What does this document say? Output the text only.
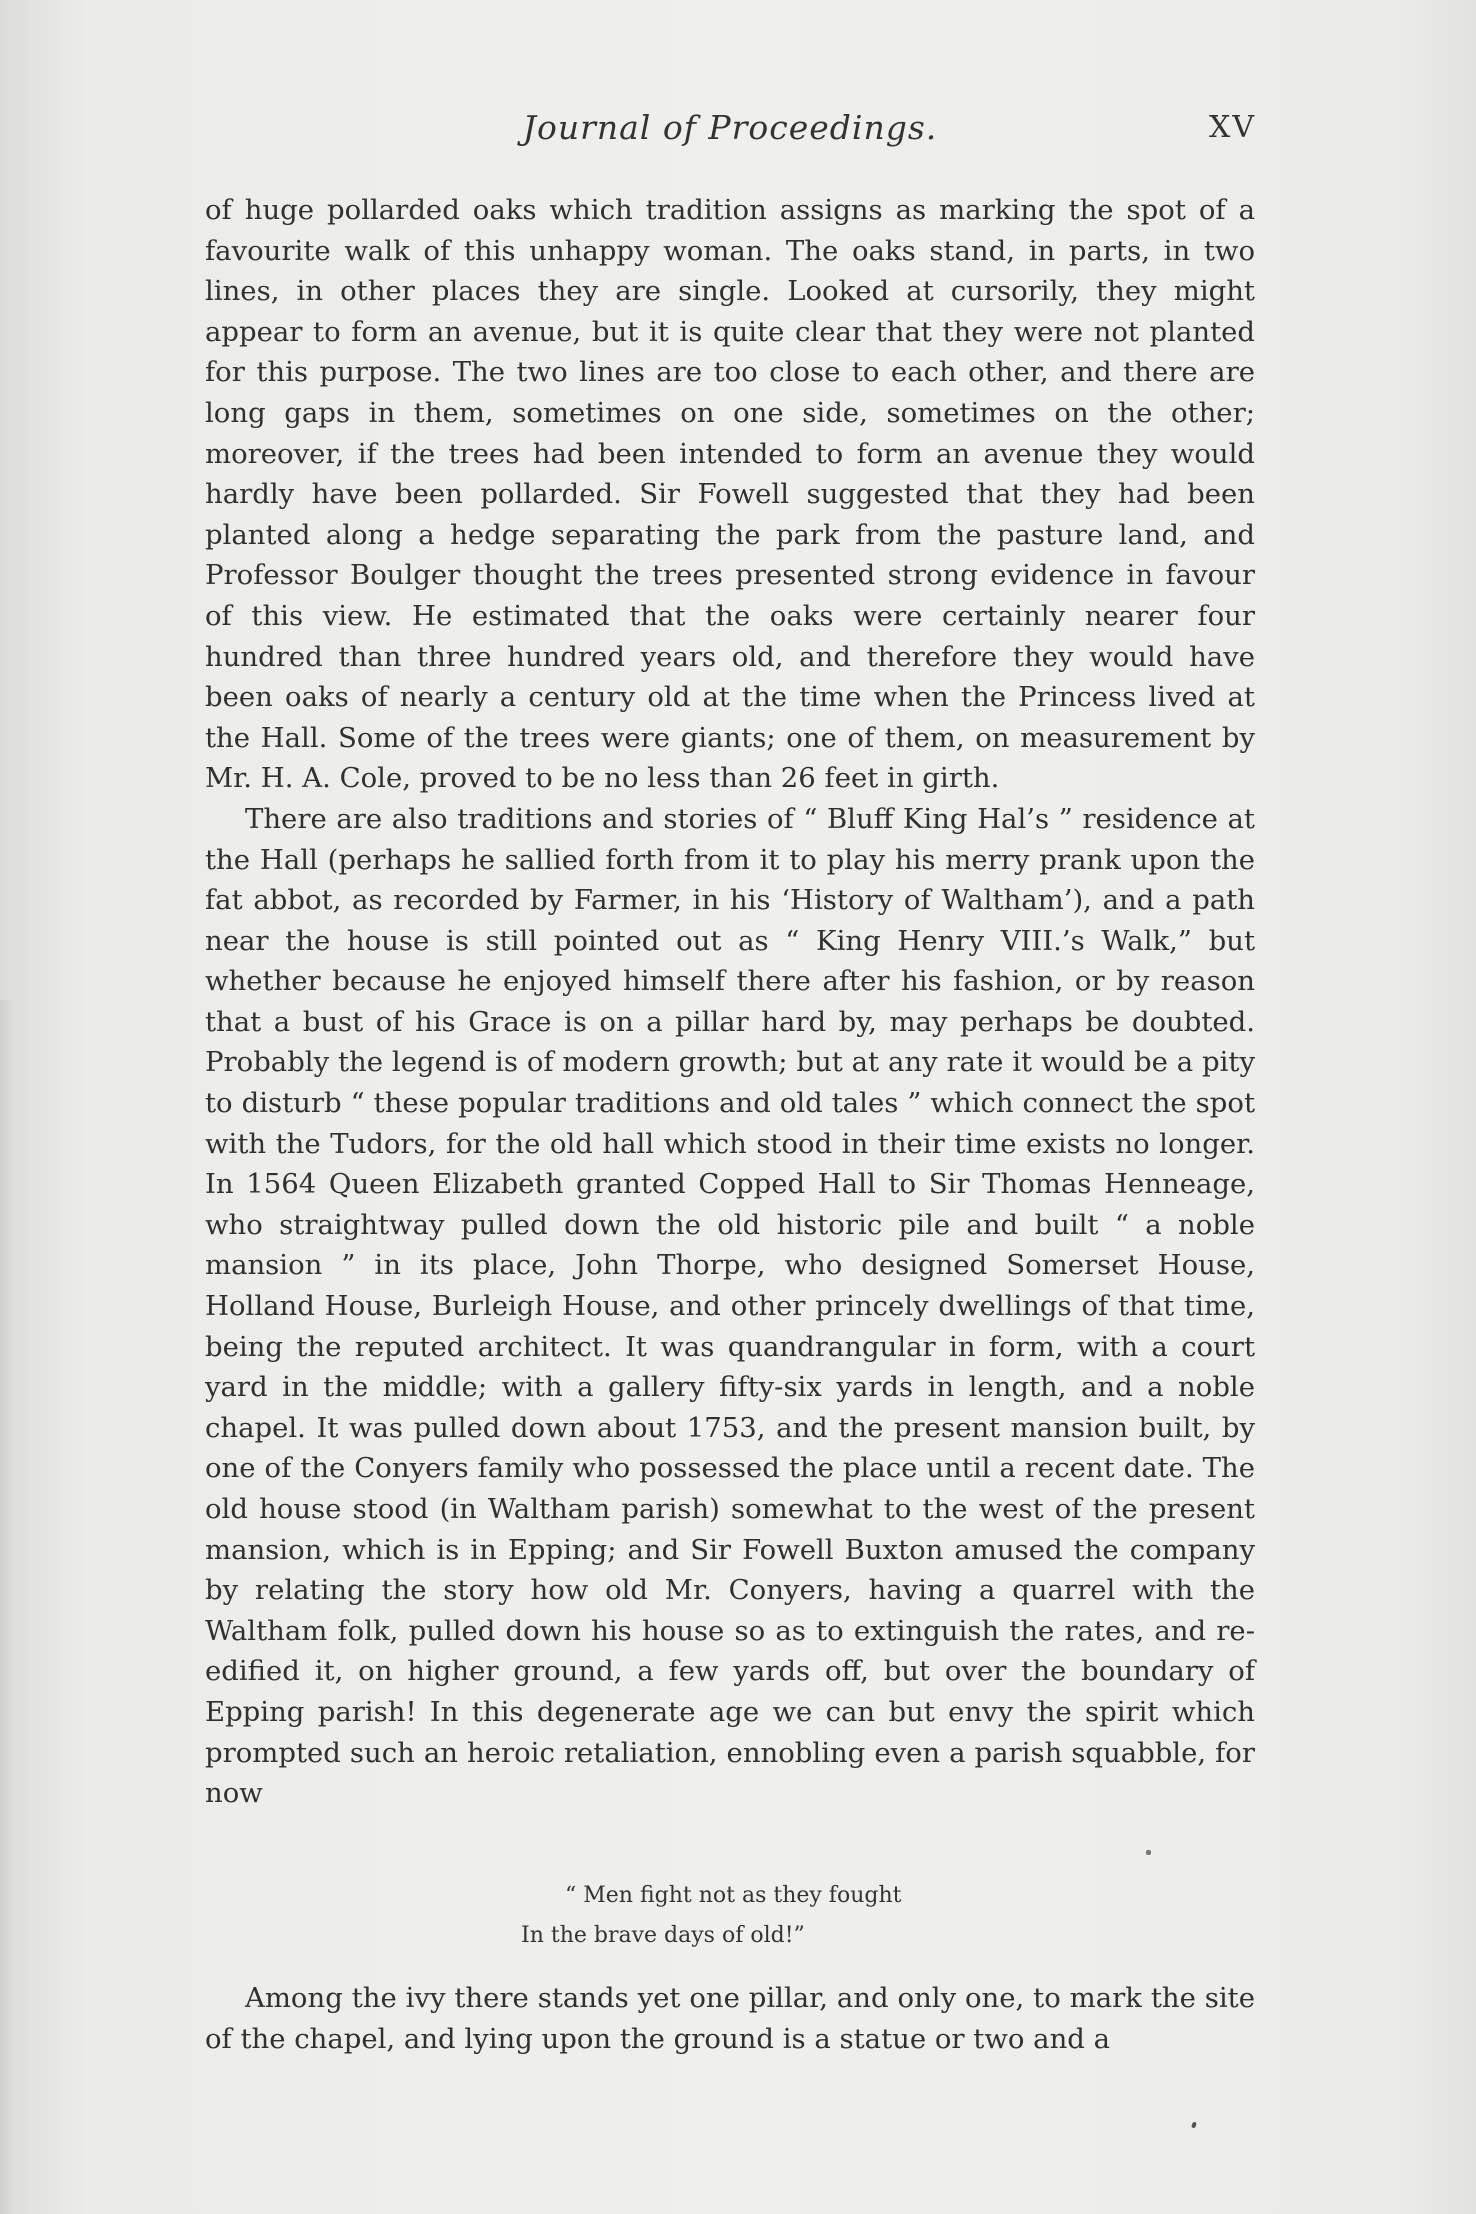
Journal of Proceedings.	XV

of huge pollarded oaks which tradition assigns as marking the spot of a favourite walk of this unhappy woman. The oaks stand, in parts, in two lines, in other places they are single. Looked at cursorily, they might appear to form an avenue, but it is quite clear that they were not planted for this purpose. The two lines are too close to each other, and there are long gaps in them, sometimes on one side, sometimes on the other; moreover, if the trees had been intended to form an avenue they would hardly have been pollarded. Sir Fowell suggested that they had been planted along a hedge separating the park from the pasture land, and Professor Boulger thought the trees presented strong evidence in favour of this view. He estimated that the oaks were certainly nearer four hundred than three hundred years old, and therefore they would have been oaks of nearly a century old at the time when the Princess lived at the Hall. Some of the trees were giants; one of them, on measurement by Mr. H. A. Cole, proved to be no less than 26 feet in girth.

There are also traditions and stories of “ Bluff King Hal’s ” residence at the Hall (perhaps he sallied forth from it to play his merry prank upon the fat abbot, as recorded by Farmer, in his ‘History of Waltham’), and a path near the house is still pointed out as “ King Henry VIII.’s Walk,” but whether because he enjoyed himself there after his fashion, or by reason that a bust of his Grace is on a pillar hard by, may perhaps be doubted. Probably the legend is of modern growth; but at any rate it would be a pity to disturb “ these popular traditions and old tales ” which connect the spot with the Tudors, for the old hall which stood in their time exists no longer. In 1564 Queen Elizabeth granted Copped Hall to Sir Thomas Henneage, who straightway pulled down the old historic pile and built “ a noble mansion ” in its place, John Thorpe, who designed Somerset House, Holland House, Burleigh House, and other princely dwellings of that time, being the reputed architect. It was quandrangular in form, with a court yard in the middle; with a gallery fifty-six yards in length, and a noble chapel. It was pulled down about 1753, and the present mansion built, by one of the Conyers family who possessed the place until a recent date. The old house stood (in Waltham parish) somewhat to the west of the present mansion, which is in Epping; and Sir Fowell Buxton amused the company by relating the story how old Mr. Conyers, having a quarrel with the Waltham folk, pulled down his house so as to extinguish the rates, and re-edified it, on higher ground, a few yards off, but over the boundary of Epping parish! In this degenerate age we can but envy the spirit which prompted such an heroic retaliation, ennobling even a parish squabble, for now

“ Men fight not as they fought
In the brave days of old!”

Among the ivy there stands yet one pillar, and only one, to mark the site of the chapel, and lying upon the ground is a statue or two and a
